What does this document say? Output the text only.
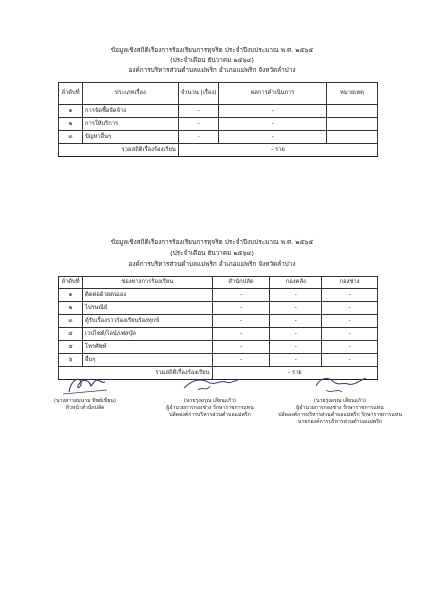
ข้อมูลเชิงสถิติเรื่องการร้องเรียนการทุจริต ประจำปีงบประมาณ พ.ศ. ๒๕๖๕
(ประจำเดือน ธันวาคม ๒๕๖๔)
องค์การบริหารส่วนตำบลแม่พริก อำเภอแม่พริก จังหวัดลำปาง
ลำดับที่	ประเภทเรื่อง	จำนวน (เรื่อง)	ผลการดำเนินการ	หมายเหตุ
๑	การจัดซื้อจัดจ้าง	-	-	
๒	การให้บริการ	-	-	
๓	ปัญหาอื่นๆ	-	-	
รวมสถิติเรื่องร้องเรียน		- ราย		
ข้อมูลเชิงสถิติเรื่องการร้องเรียนการทุจริต ประจำปีงบประมาณ พ.ศ. ๒๕๖๕
(ประจำเดือน ธันวาคม ๒๕๖๔)
องค์การบริหารส่วนตำบลแม่พริก อำเภอแม่พริก จังหวัดลำปาง
ลำดับที่	ช่องทางการร้องเรียน	สำนักปลัด	กองคลัง	กองช่าง
๑	ติดต่อด้วยตนเอง	-	-	-
๒	ไปรษณีย์	-	-	-
๓	ตู้รับเรื่องราวร้องเรียนร้องทุกข์	-	-	-
๔	เวปไซต์/ไลน์/เฟสบุ๊ค	-	-	-
๕	โทรศัพท์	-	-	-
๖	อื่นๆ	-	-	-
รวมสถิติเรื่องร้องเรียน		- ราย		
(นางสาวสมนาม ทิพย์เขียน)
หัวหน้าสำนักปลัด
(นายรุ่งอรุณ เสียนแก้ว)
ผู้อำนวยการกองช่าง รักษาราชการแทน
ปลัดองค์การบริหารส่วนตำบลแม่พริก
(นายรุ่งอรุณ เสียนแก้ว)
ผู้อำนวยการกองช่าง รักษาราชการแทน
ปลัดองค์การบริหารส่วนตำบลแม่พริก รักษาราชการแทน
นายกองค์การบริหารส่วนตำบลแม่พริก
